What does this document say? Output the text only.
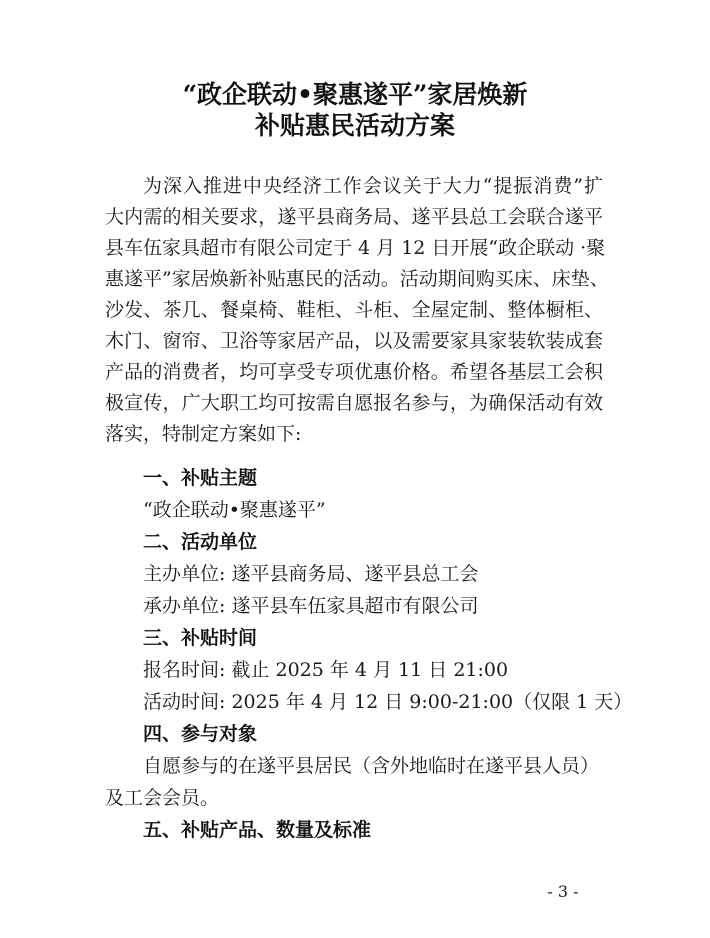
“政企联动•聚惠遂平”家居焕新
补贴惠民活动方案
为深入推进中央经济工作会议关于大力“提振消费”扩
大内需的相关要求，遂平县商务局、遂平县总工会联合遂平
县车伍家具超市有限公司定于 4 月 12 日开展“政企联动 ·聚
惠遂平”家居焕新补贴惠民的活动。活动期间购买床、床垫、
沙发、茶几、餐桌椅、鞋柜、斗柜、全屋定制、整体橱柜、
木门、窗帘、卫浴等家居产品，以及需要家具家装软装成套
产品的消费者，均可享受专项优惠价格。希望各基层工会积
极宣传，广大职工均可按需自愿报名参与，为确保活动有效
落实，特制定方案如下:
一、补贴主题
“政企联动•聚惠遂平”
二、活动单位
主办单位: 遂平县商务局、遂平县总工会
承办单位: 遂平县车伍家具超市有限公司
三、补贴时间
报名时间: 截止 2025 年 4 月 11 日 21:00
活动时间: 2025 年 4 月 12 日 9:00-21:00（仅限 1 天）
四、参与对象
自愿参与的在遂平县居民（含外地临时在遂平县人员）
及工会会员。
五、补贴产品、数量及标准
- 3 -
